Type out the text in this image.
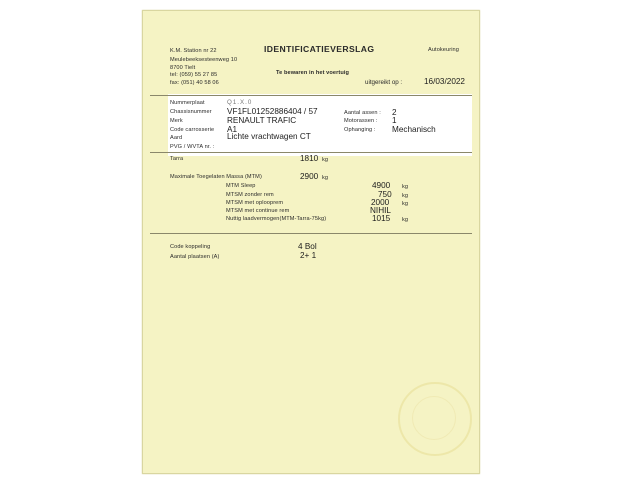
K.M. Station nr 22
Meulebeeksesteenweg 10
8700 Tielt
tel: (059) 55 27 85
fax: (051) 40 58 06
IDENTIFICATIEVERSLAG	Autokeuring
Te bewaren in het voertuig
uitgereikt op :	16/03/2022
Nummerplaat	Q1.X.0
Chassisnummer VF1FL01252886404 / 57
Merk	RENAULT TRAFIC
Code carrosserie A1
Aard	Lichte vrachtwagen CT
PVG / WVTA nr. :
Aantal assen : 2
Motorassen : 1
Ophanging : Mechanisch
Tarra	1810 kg
Maximale Toegelaten Massa (MTM)	2900 kg
MTM Sleep	4900 kg
MTSM zonder rem	750 kg
MTSM met oplooprem	2000 kg
MTSM met continue rem	NIHIL
Nuttig laadvermogen(MTM-Tarra-75kg)	1015 kg
Code koppeling	4 Bol
Aantal plaatsen (A)	2+ 1
